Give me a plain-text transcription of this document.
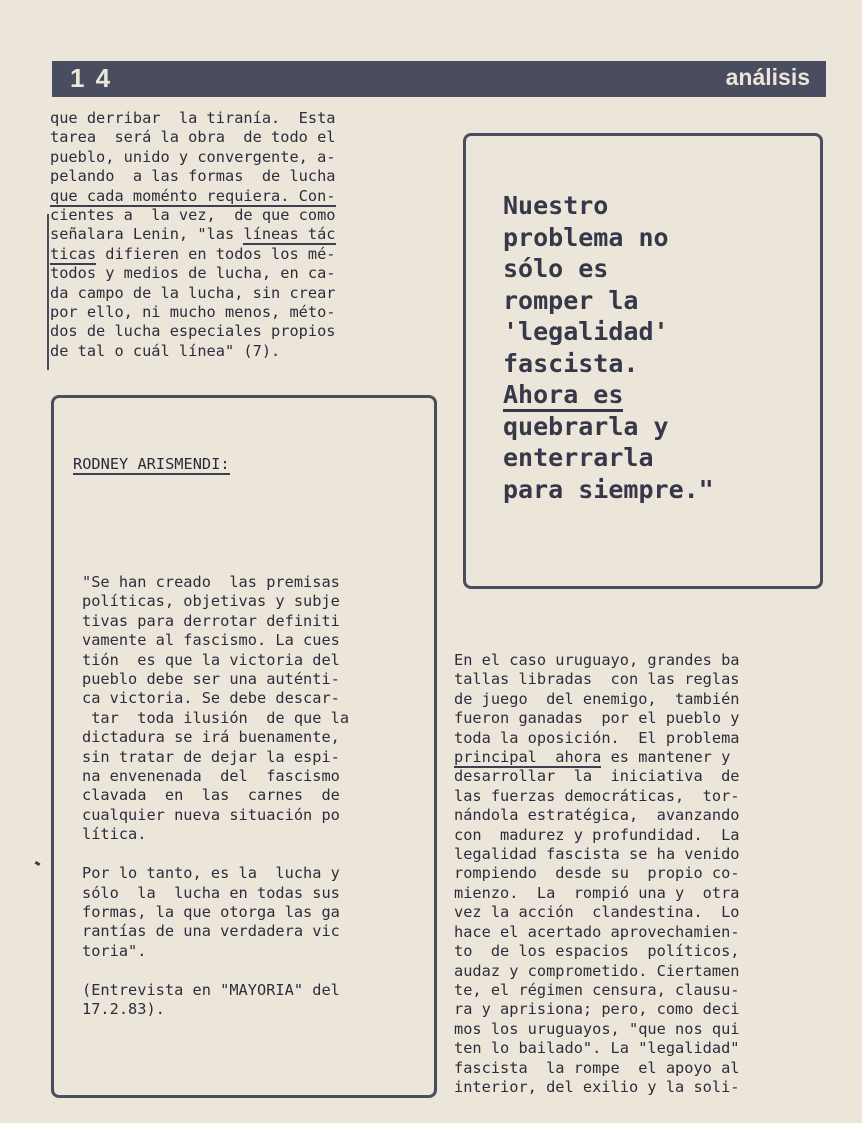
1 4	análisis
que derribar  la tiranía.  Esta
tarea  será la obra  de todo el
pueblo, unido y convergente, a-
pelando  a las formas  de lucha
que cada moménto requiera. Con-
cientes a  la vez,  de que como
señalara Lenin, "las líneas tác
ticas difieren en todos los mé-
todos y medios de lucha, en ca-
da campo de la lucha, sin crear
por ello, ni mucho menos, méto-
dos de lucha especiales propios
de tal o cuál línea" (7).
RODNEY ARISMENDI:
"Se han creado  las premisas
políticas, objetivas y subje
tivas para derrotar definiti
vamente al fascismo. La cues
tión  es que la victoria del
pueblo debe ser una auténti-
ca victoria. Se debe descar-
tar  toda ilusión  de que la
dictadura se irá buenamente,
sin tratar de dejar la espi-
na envenenada  del  fascismo
clavada  en  las  carnes  de
cualquier nueva situación po
lítica.

Por lo tanto, es la  lucha y
sólo  la  lucha en todas sus
formas, la que otorga las ga
rantías de una verdadera vic
toria".

(Entrevista en "MAYORIA" del
17.2.83).
Nuestro
problema no
sólo es
romper la
'legalidad'
fascista.
Ahora es
quebrarla y
enterrarla
para siempre."
En el caso uruguayo, grandes ba
tallas libradas  con las reglas
de juego  del enemigo,  también
fueron ganadas  por el pueblo y
toda la oposición.  El problema
principal  ahora es mantener y
desarrollar  la  iniciativa  de
las fuerzas democráticas,  tor-
nándola estratégica,  avanzando
con  madurez y profundidad.  La
legalidad fascista se ha venido
rompiendo  desde su  propio co-
mienzo.  La  rompió una y  otra
vez la acción  clandestina.  Lo
hace el acertado aprovechamien-
to  de los espacios  políticos,
audaz y comprometido. Ciertamen
te, el régimen censura, clausu-
ra y aprisiona; pero, como deci
mos los uruguayos, "que nos qui
ten lo bailado". La "legalidad"
fascista  la rompe  el apoyo al
interior, del exilio y la soli-
